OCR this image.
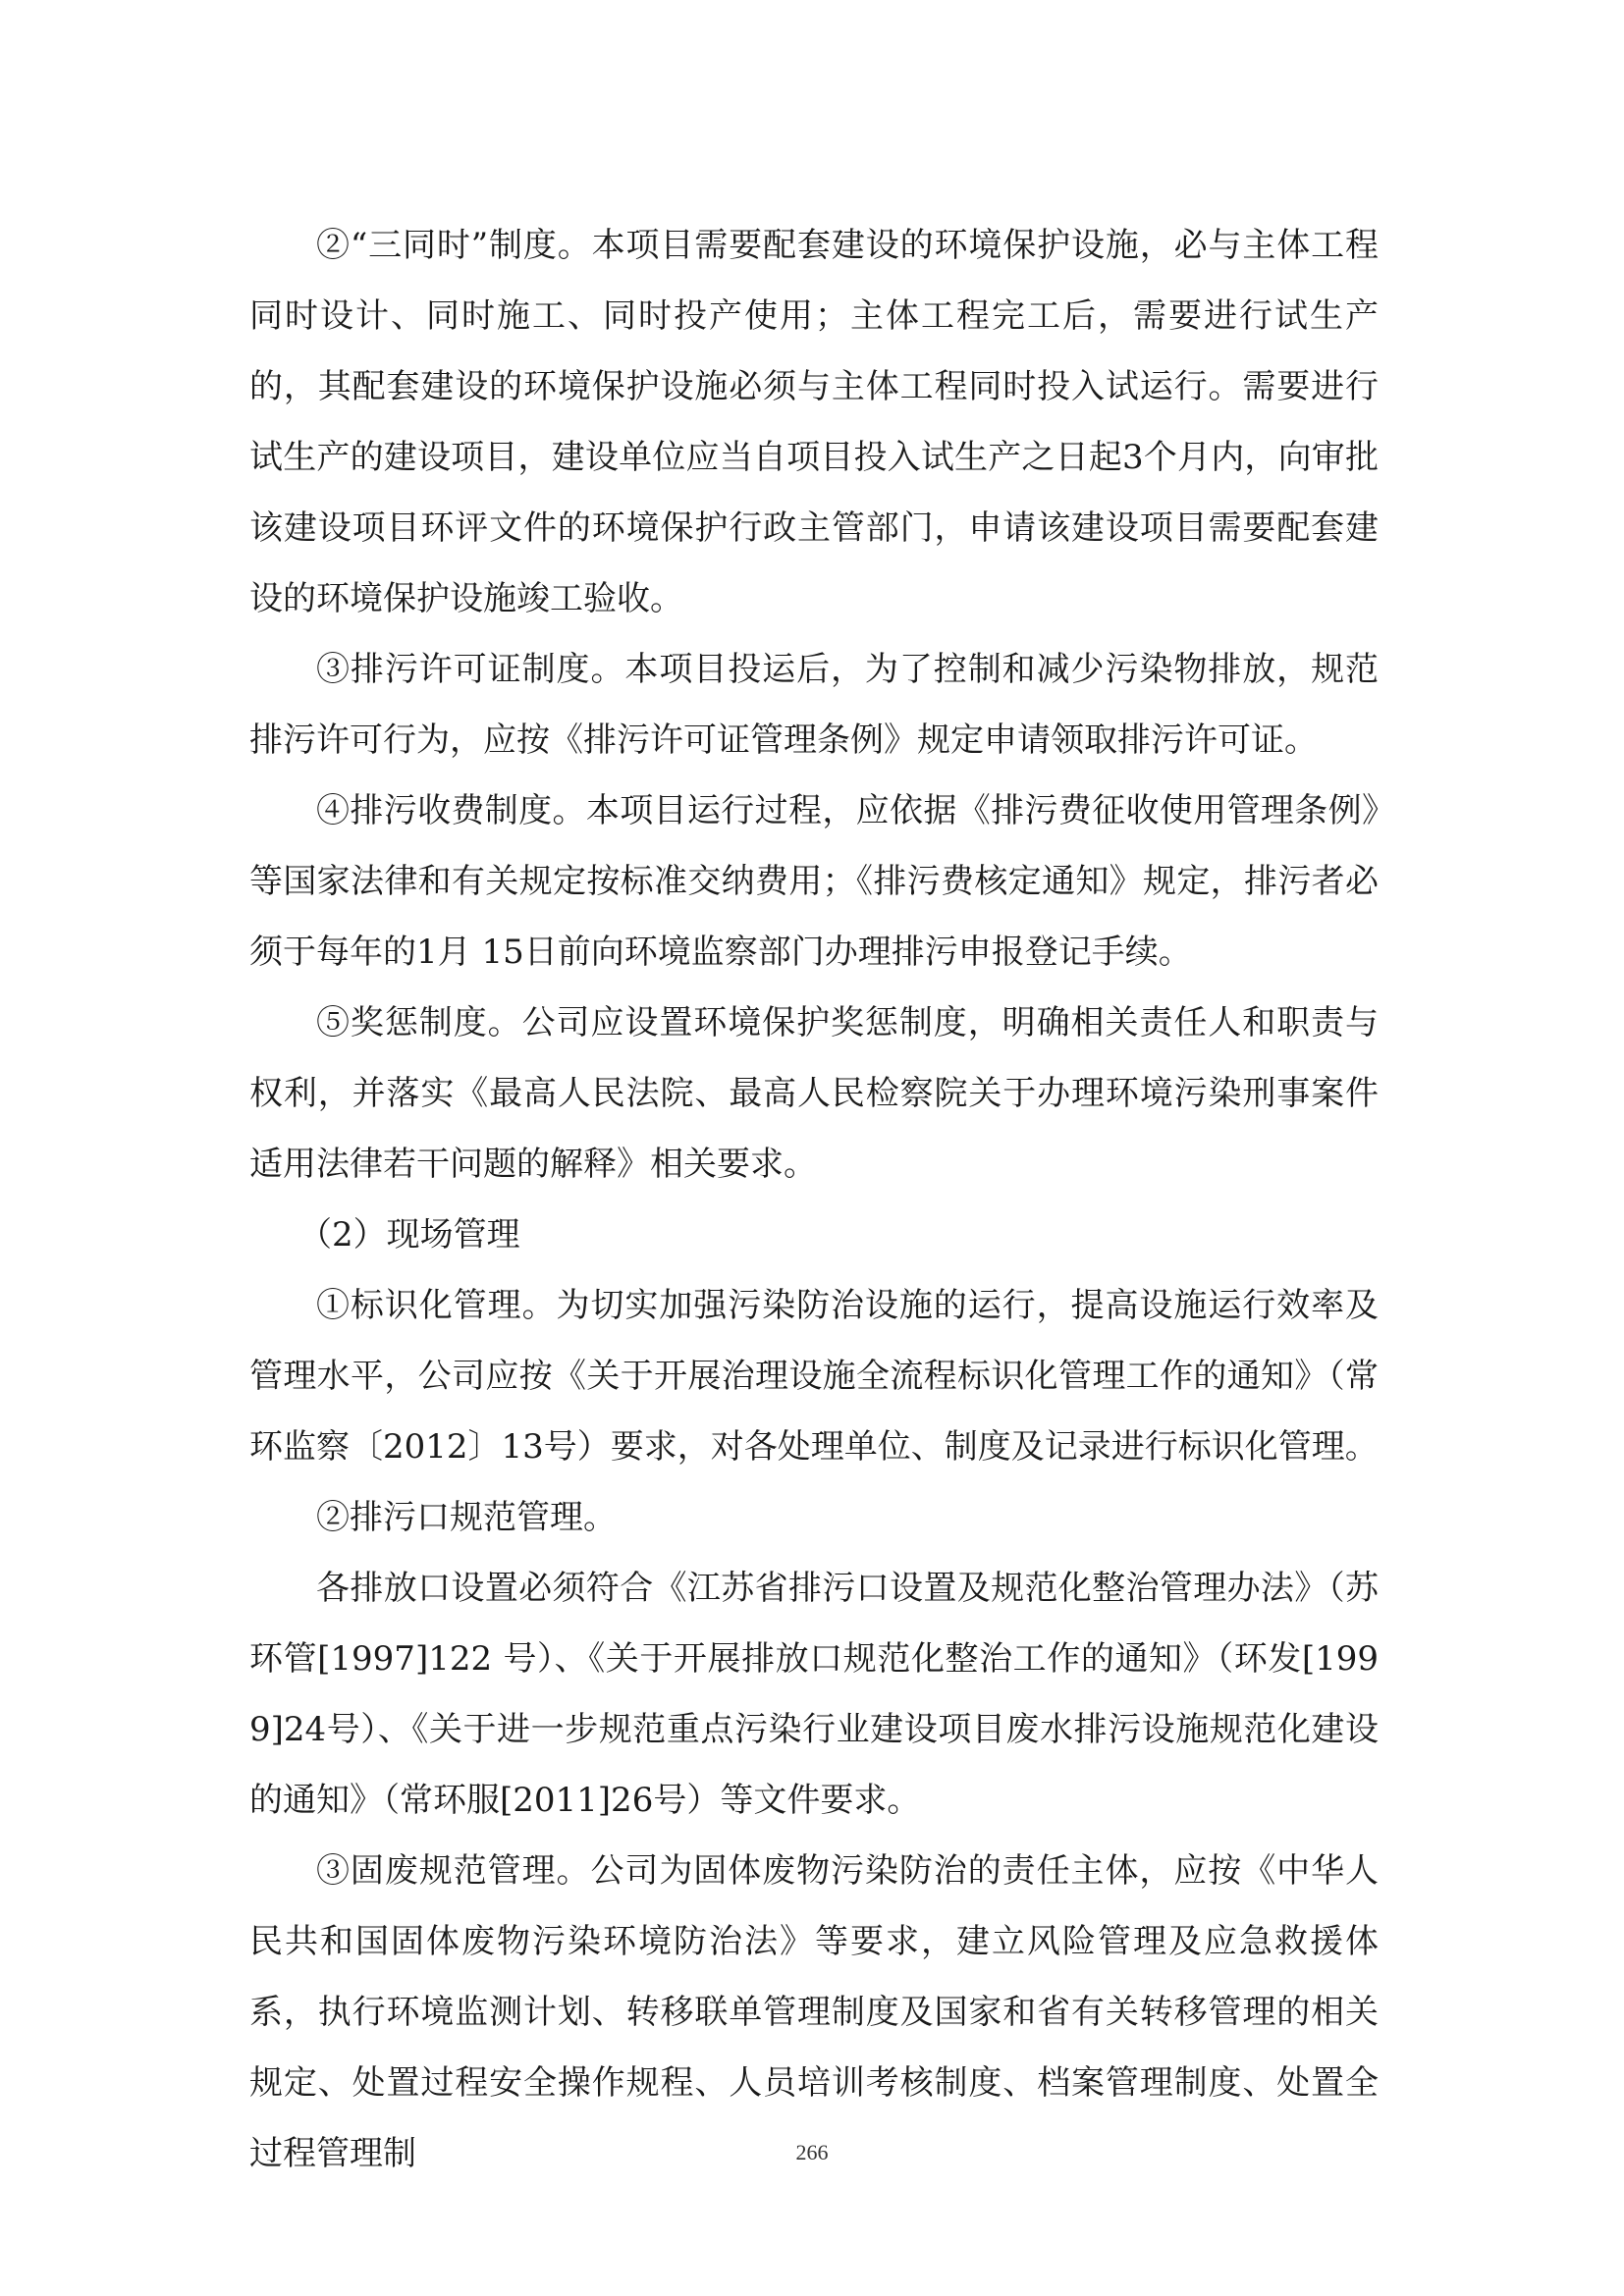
②“三同时”制度。本项目需要配套建设的环境保护设施，必与主体工程同时设计、同时施工、同时投产使用；主体工程完工后，需要进行试生产的，其配套建设的环境保护设施必须与主体工程同时投入试运行。需要进行试生产的建设项目，建设单位应当自项目投入试生产之日起3个月内，向审批该建设项目环评文件的环境保护行政主管部门，申请该建设项目需要配套建设的环境保护设施竣工验收。

③排污许可证制度。本项目投运后，为了控制和减少污染物排放，规范排污许可行为，应按《排污许可证管理条例》规定申请领取排污许可证。

④排污收费制度。本项目运行过程，应依据《排污费征收使用管理条例》等国家法律和有关规定按标准交纳费用；《排污费核定通知》规定，排污者必须于每年的1月 15日前向环境监察部门办理排污申报登记手续。

⑤奖惩制度。公司应设置环境保护奖惩制度，明确相关责任人和职责与权利，并落实《最高人民法院、最高人民检察院关于办理环境污染刑事案件适用法律若干问题的解释》相关要求。

（2）现场管理

①标识化管理。为切实加强污染防治设施的运行，提高设施运行效率及管理水平，公司应按《关于开展治理设施全流程标识化管理工作的通知》（常环监察〔2012〕13号）要求，对各处理单位、制度及记录进行标识化管理。

②排污口规范管理。

各排放口设置必须符合《江苏省排污口设置及规范化整治管理办法》（苏环管[1997]122 号）、《关于开展排放口规范化整治工作的通知》（环发[1999]24号）、《关于进一步规范重点污染行业建设项目废水排污设施规范化建设的通知》（常环服[2011]26号）等文件要求。

③固废规范管理。公司为固体废物污染防治的责任主体，应按《中华人民共和国固体废物污染环境防治法》等要求，建立风险管理及应急救援体系，执行环境监测计划、转移联单管理制度及国家和省有关转移管理的相关规定、处置过程安全操作规程、人员培训考核制度、档案管理制度、处置全过程管理制	266
